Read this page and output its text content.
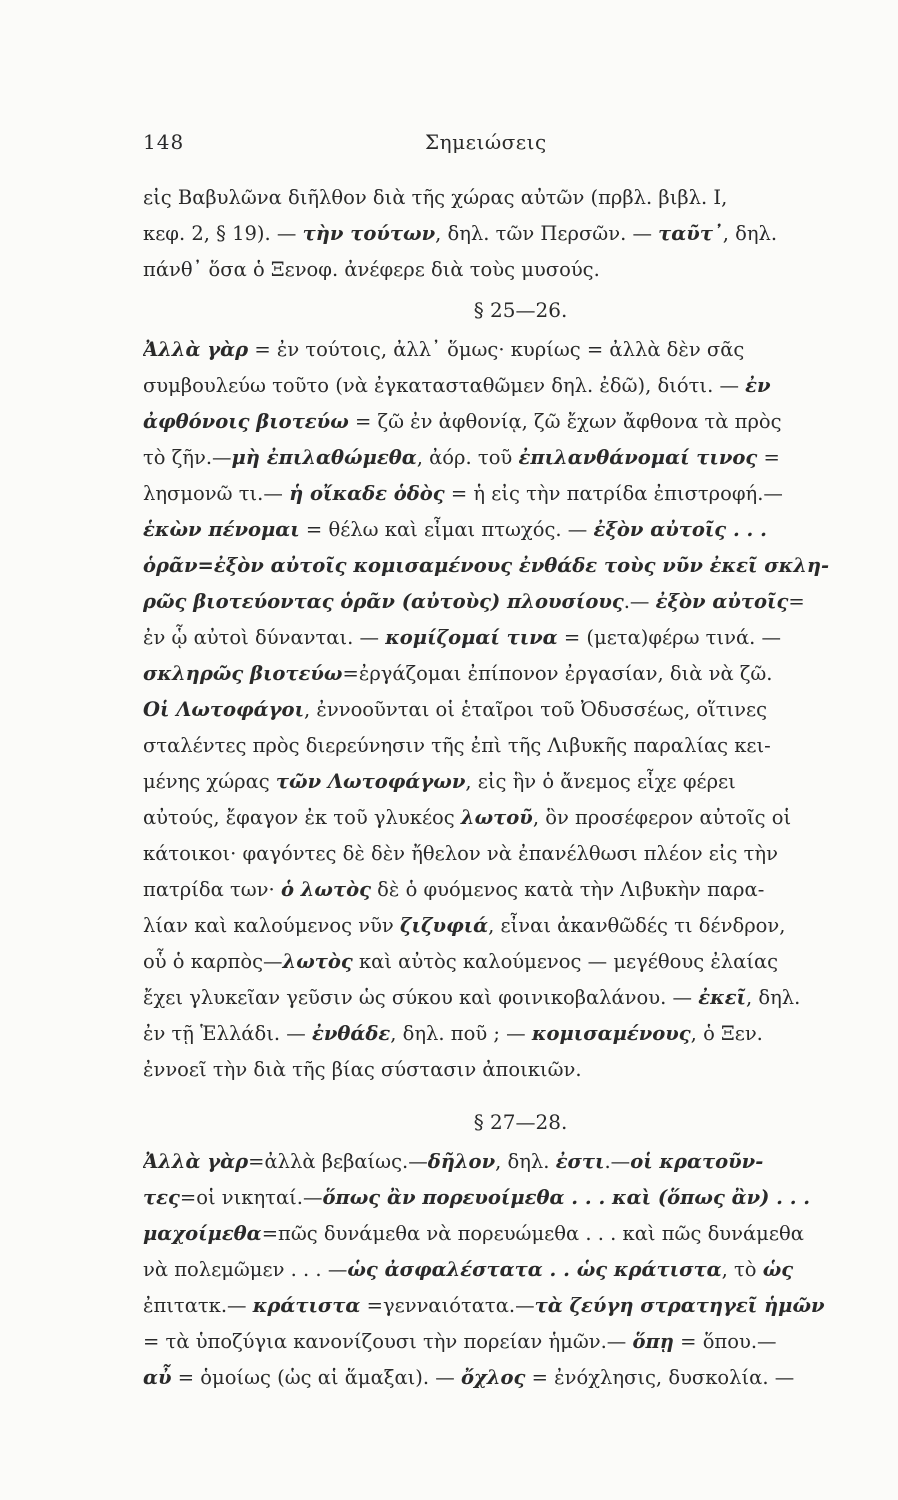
148	Σημειώσεις
εἰς Βαβυλῶνα διῆλθον διὰ τῆς χώρας αὐτῶν (πρβλ. βιβλ. I,
κεφ. 2, § 19). — τὴν τούτων, δηλ. τῶν Περσῶν. — ταῦτ᾽, δηλ.
πάνθ᾽ ὅσα ὁ Ξενοφ. ἀνέφερε διὰ τοὺς μυσούς.
§ 25—26.
Ἀλλὰ γὰρ = ἐν τούτοις, ἀλλ᾽ ὅμως· κυρίως = ἀλλὰ δὲν σᾶς
συμβουλεύω τοῦτο (νὰ ἐγκατασταθῶμεν δηλ. ἐδῶ), διότι. — ἐν
ἀφθόνοις βιοτεύω = ζῶ ἐν ἀφθονίᾳ, ζῶ ἔχων ἄφθονα τὰ πρὸς
τὸ ζῆν.—μὴ ἐπιλαθώμεθα, ἀόρ. τοῦ ἐπιλανθάνομαί τινος =
λησμονῶ τι.— ἡ οἴκαδε ὁδὸς = ἡ εἰς τὴν πατρίδα ἐπιστροφή.—
ἑκὼν πένομαι = θέλω καὶ εἶμαι πτωχός. — ἐξὸν αὐτοῖς . . .
ὁρᾶν=ἐξὸν αὐτοῖς κομισαμένους ἐνθάδε τοὺς νῦν ἐκεῖ σκλη-
ρῶς βιοτεύοντας ὁρᾶν (αὐτοὺς) πλουσίους.— ἐξὸν αὐτοῖς=
ἐν ᾧ αὐτοὶ δύνανται. — κομίζομαί τινα = (μετα)φέρω τινά. —
σκληρῶς βιοτεύω=ἐργάζομαι ἐπίπονον ἐργασίαν, διὰ νὰ ζῶ.
Οἱ Λωτοφάγοι, ἐννοοῦνται οἱ ἑταῖροι τοῦ Ὀδυσσέως, οἵτινες
σταλέντες πρὸς διερεύνησιν τῆς ἐπὶ τῆς Λιβυκῆς παραλίας κει-
μένης χώρας τῶν Λωτοφάγων, εἰς ἣν ὁ ἄνεμος εἶχε φέρει
αὐτούς, ἔφαγον ἐκ τοῦ γλυκέος λωτοῦ, ὃν προσέφερον αὐτοῖς οἱ
κάτοικοι· φαγόντες δὲ δὲν ἤθελον νὰ ἐπανέλθωσι πλέον εἰς τὴν
πατρίδα των· ὁ λωτὸς δὲ ὁ φυόμενος κατὰ τὴν Λιβυκὴν παρα-
λίαν καὶ καλούμενος νῦν ζιζυφιά, εἶναι ἀκανθῶδές τι δένδρον,
οὗ ὁ καρπὸς—λωτὸς καὶ αὐτὸς καλούμενος — μεγέθους ἐλαίας
ἔχει γλυκεῖαν γεῦσιν ὡς σύκου καὶ φοινικοβαλάνου. — ἐκεῖ, δηλ.
ἐν τῇ Ἑλλάδι. — ἐνθάδε, δηλ. ποῦ ; — κομισαμένους, ὁ Ξεν.
ἐννοεῖ τὴν διὰ τῆς βίας σύστασιν ἀποικιῶν.
§ 27—28.
Ἀλλὰ γὰρ=ἀλλὰ βεβαίως.—δῆλον, δηλ. ἐστι.—οἱ κρατοῦν-
τες=οἱ νικηταί.—ὅπως ἂν πορευοίμεθα . . . καὶ (ὅπως ἂν) . . .
μαχοίμεθα=πῶς δυνάμεθα νὰ πορευώμεθα . . . καὶ πῶς δυνάμεθα
νὰ πολεμῶμεν . . . —ὡς ἀσφαλέστατα . . ὡς κράτιστα, τὸ ὡς
ἐπιτατκ.— κράτιστα =γενναιότατα.—τὰ ζεύγη στρατηγεῖ ἡμῶν
= τὰ ὑποζύγια κανονίζουσι τὴν πορείαν ἡμῶν.— ὅπῃ = ὅπου.—
αὖ = ὁμοίως (ὡς αἱ ἅμαξαι). — ὄχλος = ἐνόχλησις, δυσκολία. —
